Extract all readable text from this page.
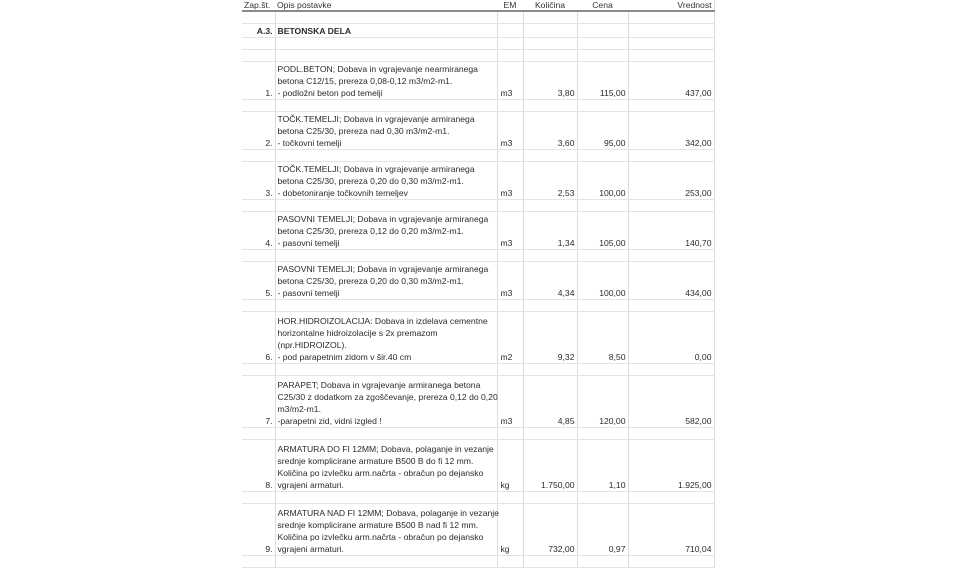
Zap.št.	Opis postavke	EM	Količina	Cena	Vrednost

A.3.	BETONSKA DELA				

1.	PODL.BETON; Dobava in vgrajevanje nearmiranega
betona C12/15, prereza 0,08-0,12 m3/m2-m1.
- podložni beton pod temelji	m3	3,80	115,00	437,00

2.	TOČK.TEMELJI; Dobava in vgrajevanje armiranega
betona C25/30, prereza nad 0,30 m3/m2-m1.
- točkovni temelji	m3	3,60	95,00	342,00

3.	TOČK.TEMELJI; Dobava in vgrajevanje armiranega
betona C25/30, prereza 0,20 do 0,30 m3/m2-m1.
- dobetoniranje točkovnih temeljev	m3	2,53	100,00	253,00

4.	PASOVNI TEMELJI; Dobava in vgrajevanje armiranega
betona C25/30, prereza 0,12 do 0,20 m3/m2-m1.
- pasovni temelji	m3	1,34	105,00	140,70

5.	PASOVNI TEMELJI; Dobava in vgrajevanje armiranega
betona C25/30, prereza 0,20 do 0,30 m3/m2-m1.
- pasovni temelji	m3	4,34	100,00	434,00

6.	HOR.HIDROIZOLACIJA: Dobava in izdelava cementne
horizontalne hidroizolacije s 2x premazom
(npr.HIDROIZOL).
- pod parapetnim zidom v šir.40 cm	m2	9,32	8,50	0,00

7.	PARAPET; Dobava in vgrajevanje armiranega betona
C25/30 z dodatkom za zgoščevanje, prereza 0,12 do 0,20
m3/m2-m1.
-parapetni zid, vidni izgled !	m3	4,85	120,00	582,00

8.	ARMATURA DO FI 12MM; Dobava, polaganje in vezanje
srednje komplicirane armature B500 B do fi 12 mm.
Količina po izvlečku arm.načrta - obračun po dejansko
vgrajeni armaturi.	kg	1.750,00	1,10	1.925,00

9.	ARMATURA NAD FI 12MM; Dobava, polaganje in vezanje
srednje komplicirane armature B500 B nad fi 12 mm.
Količina po izvlečku arm.načrta - obračun po dejansko
vgrajeni armaturi.	kg	732,00	0,97	710,04
